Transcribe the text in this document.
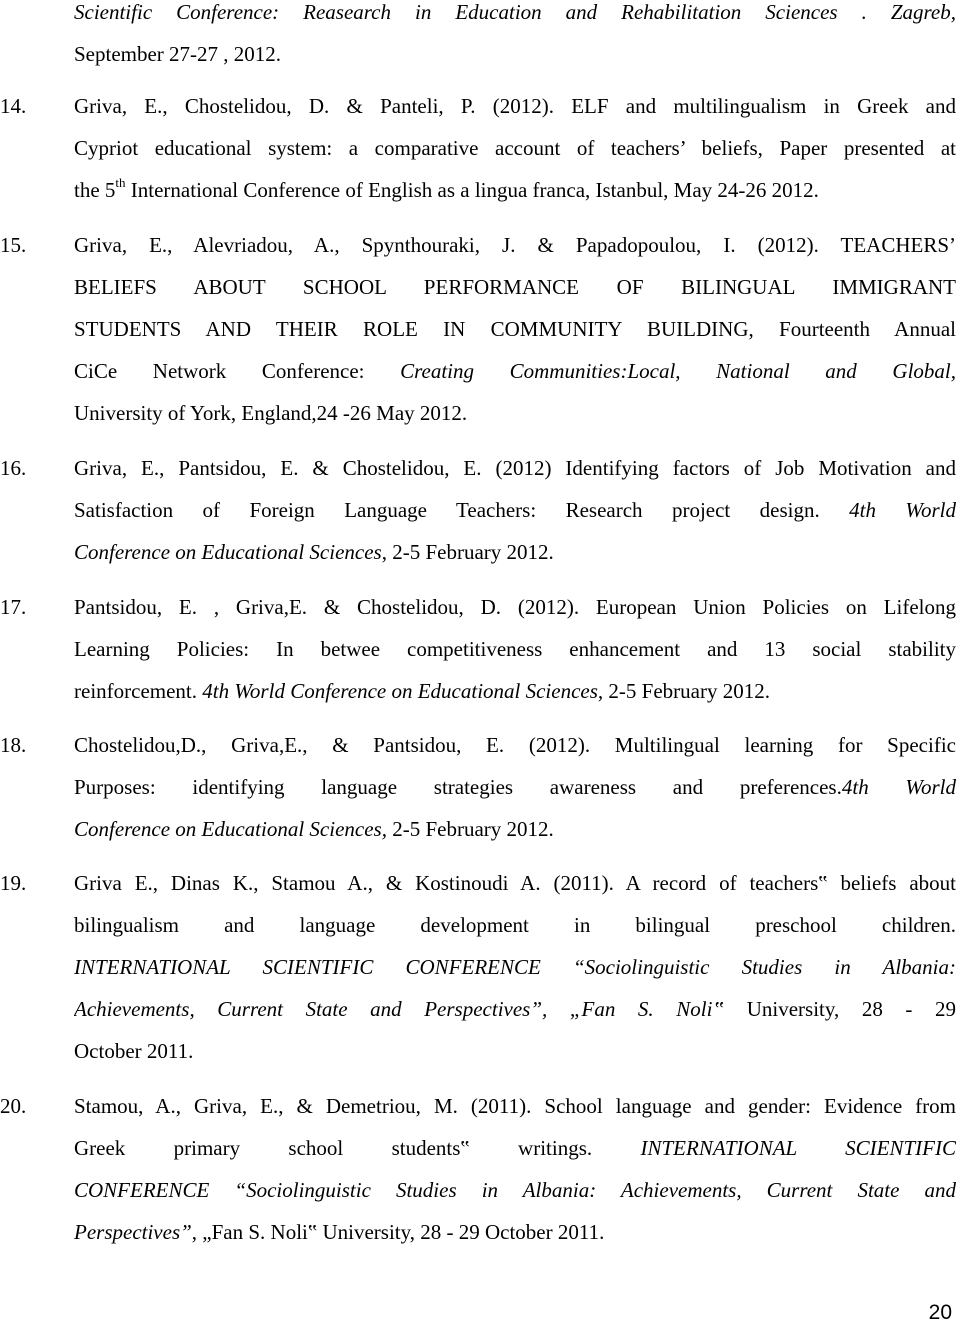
Scientific Conference: Reasearch in Education and Rehabilitation Sciences . Zagreb,
September 27-27 , 2012.
14. Griva, E., Chostelidou, D. & Panteli, P. (2012). ELF and multilingualism in Greek and
Cypriot educational system: a comparative account of teachers’ beliefs, Paper presented at
the 5th International Conference of English as a lingua franca, Istanbul, May 24-26 2012.
15. Griva, E., Alevriadou, A., Spynthouraki, J. & Papadopoulou, I. (2012). TEACHERS’
BELIEFS ABOUT SCHOOL PERFORMANCE OF BILINGUAL IMMIGRANT
STUDENTS AND THEIR ROLE IN COMMUNITY BUILDING, Fourteenth Annual
CiCe Network Conference: Creating Communities:Local, National and Global,
University of York, England,24 -26 May 2012.
16. Griva, E., Pantsidou, E. & Chostelidou, E. (2012) Identifying factors of Job Motivation and
Satisfaction of Foreign Language Teachers: Research project design. 4th World
Conference on Educational Sciences, 2-5 February 2012.
17. Pantsidou, E. , Griva,E. & Chostelidou, D. (2012). European Union Policies on Lifelong
Learning Policies: In betwee competitiveness enhancement and 13 social stability
reinforcement. 4th World Conference on Educational Sciences, 2-5 February 2012.
18. Chostelidou,D., Griva,E., & Pantsidou, E. (2012). Multilingual learning for Specific
Purposes: identifying language strategies awareness and preferences.4th World
Conference on Educational Sciences, 2-5 February 2012.
19. Griva E., Dinas K., Stamou A., & Kostinoudi A. (2011). A record of teachers‟ beliefs about
bilingualism and language development in bilingual preschool children.
INTERNATIONAL SCIENTIFIC CONFERENCE “Sociolinguistic Studies in Albania:
Achievements, Current State and Perspectives”, „Fan S. Noli‟ University, 28 - 29
October 2011.
20. Stamou, A., Griva, E., & Demetriou, M. (2011). School language and gender: Evidence from
Greek primary school students‟ writings. INTERNATIONAL SCIENTIFIC
CONFERENCE “Sociolinguistic Studies in Albania: Achievements, Current State and
Perspectives”, „Fan S. Noli‟ University, 28 - 29 October 2011.
20
